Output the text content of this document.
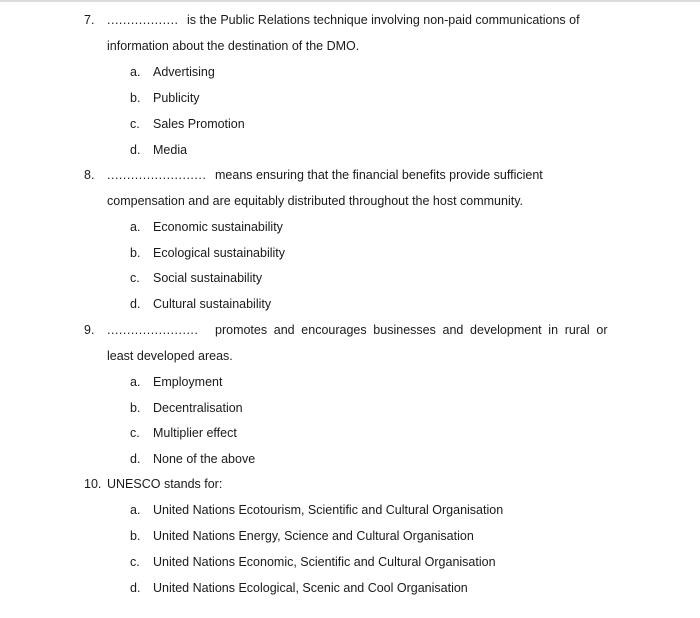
7. .................. is the Public Relations technique involving non-paid communications of
information about the destination of the DMO.
a. Advertising
b. Publicity
c. Sales Promotion
d. Media
8. ......................... means ensuring that the financial benefits provide sufficient
compensation and are equitably distributed throughout the host community.
a. Economic sustainability
b. Ecological sustainability
c. Social sustainability
d. Cultural sustainability
9. ....................... promotes and encourages businesses and development in rural or
least developed areas.
a. Employment
b. Decentralisation
c. Multiplier effect
d. None of the above
10. UNESCO stands for:
a. United Nations Ecotourism, Scientific and Cultural Organisation
b. United Nations Energy, Science and Cultural Organisation
c. United Nations Economic, Scientific and Cultural Organisation
d. United Nations Ecological, Scenic and Cool Organisation
